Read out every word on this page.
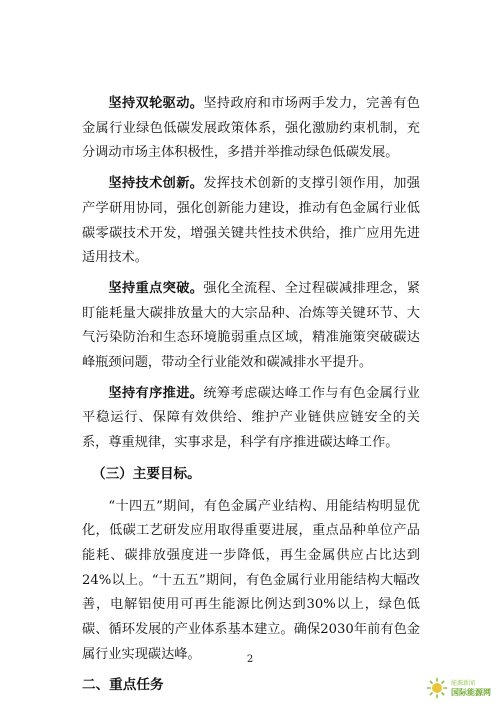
坚持双轮驱动。坚持政府和市场两手发力，完善有色金属行业绿色低碳发展政策体系，强化激励约束机制，充分调动市场主体积极性，多措并举推动绿色低碳发展。

坚持技术创新。发挥技术创新的支撑引领作用，加强产学研用协同，强化创新能力建设，推动有色金属行业低碳零碳技术开发，增强关键共性技术供给，推广应用先进适用技术。

坚持重点突破。强化全流程、全过程碳减排理念，紧盯能耗量大碳排放量大的大宗品种、冶炼等关键环节、大气污染防治和生态环境脆弱重点区域，精准施策突破碳达峰瓶颈问题，带动全行业能效和碳减排水平提升。

坚持有序推进。统筹考虑碳达峰工作与有色金属行业平稳运行、保障有效供给、维护产业链供应链安全的关系，尊重规律，实事求是，科学有序推进碳达峰工作。

（三）主要目标。

“十四五”期间，有色金属产业结构、用能结构明显优化，低碳工艺研发应用取得重要进展，重点品种单位产品能耗、碳排放强度进一步降低，再生金属供应占比达到24%以上。“十五五”期间，有色金属行业用能结构大幅改善，电解铝使用可再生能源比例达到30%以上，绿色低碳、循环发展的产业体系基本建立。确保2030年前有色金属行业实现碳达峰。

二、重点任务

2
能源新闻
国际能源网
